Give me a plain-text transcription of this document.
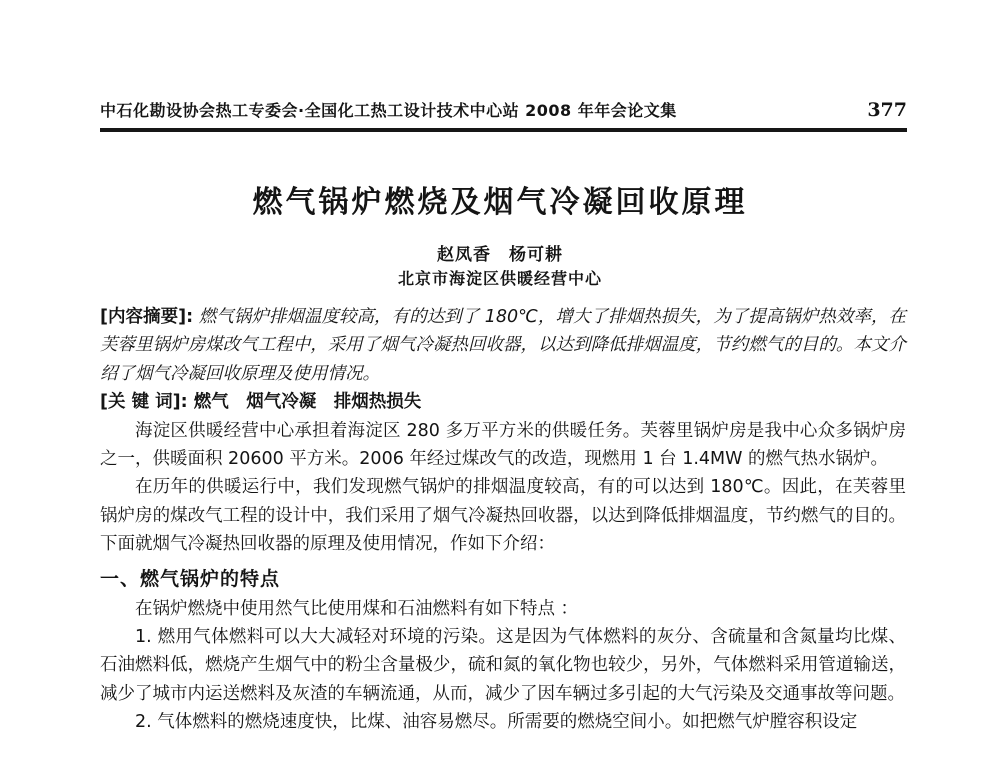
中石化勘设协会热工专委会·全国化工热工设计技术中心站 2008 年年会论文集	377
燃气锅炉燃烧及烟气冷凝回收原理
赵凤香　杨可耕
北京市海淀区供暖经营中心

[内容摘要]: 燃气锅炉排烟温度较高，有的达到了 180℃，增大了排烟热损失，为了提高锅炉热效率，在芙蓉里锅炉房煤改气工程中，采用了烟气冷凝热回收器，以达到降低排烟温度，节约燃气的目的。本文介绍了烟气冷凝回收原理及使用情况。

[关 键 词]: 燃气　烟气冷凝　排烟热损失

海淀区供暖经营中心承担着海淀区 280 多万平方米的供暖任务。芙蓉里锅炉房是我中心众多锅炉房之一，供暖面积 20600 平方米。2006 年经过煤改气的改造，现燃用 1 台 1.4MW 的燃气热水锅炉。

在历年的供暖运行中，我们发现燃气锅炉的排烟温度较高，有的可以达到 180℃。因此，在芙蓉里锅炉房的煤改气工程的设计中，我们采用了烟气冷凝热回收器，以达到降低排烟温度，节约燃气的目的。下面就烟气冷凝热回收器的原理及使用情况，作如下介绍：

一、燃气锅炉的特点

在锅炉燃烧中使用然气比使用煤和石油燃料有如下特点 ：

1. 燃用气体燃料可以大大减轻对环境的污染。这是因为气体燃料的灰分、含硫量和含氮量均比煤、石油燃料低，燃烧产生烟气中的粉尘含量极少，硫和氮的氧化物也较少，另外，气体燃料采用管道输送，减少了城市内运送燃料及灰渣的车辆流通，从而，减少了因车辆过多引起的大气污染及交通事故等问题。

2. 气体燃料的燃烧速度快，比煤、油容易燃尽。所需要的燃烧空间小。如把燃气炉膛容积设定
